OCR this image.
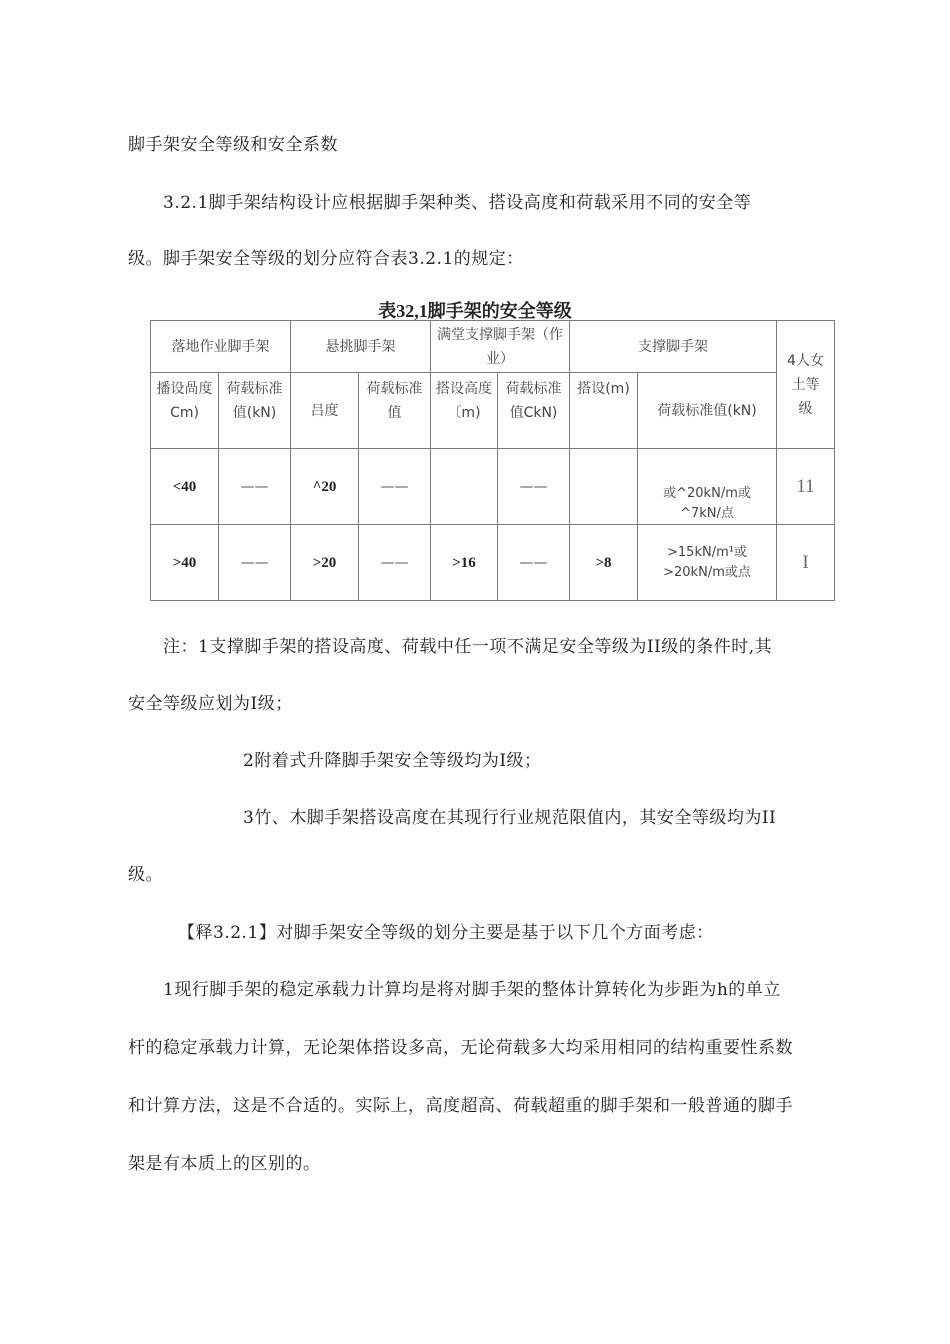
脚手架安全等级和安全系数
3.2.1脚手架结构设计应根据脚手架种类、搭设高度和荷载采用不同的安全等
级。脚手架安全等级的划分应符合表3.2.1的规定：
表32,1脚手架的安全等级
落地作业脚手架		悬挑脚手架		满堂支撑脚手架（作业）		支撑脚手架		4人女土等级
播设咼度Cm)	荷载标准值(kN)	吕度	荷载标准值	搭设高度〔m)	荷载标准值CkN)	搭设(m)	荷载标准值(kN)	
<40	——	^20	——		——		或^20kN/m或^7kN/点	11
>40	——	>20	——	>16	——	>8	>15kN/m¹或>20kN/m或点	I
注：1支撑脚手架的搭设高度、荷载中任一项不满足安全等级为II级的条件时,其
安全等级应划为I级；
2附着式升降脚手架安全等级均为I级；
3竹、木脚手架搭设高度在其现行行业规范限值内，其安全等级均为II
级。
【释3.2.1】对脚手架安全等级的划分主要是基于以下几个方面考虑：
1现行脚手架的稳定承载力计算均是将对脚手架的整体计算转化为步距为h的单立
杆的稳定承载力计算，无论架体搭设多高，无论荷载多大均采用相同的结构重要性系数
和计算方法，这是不合适的。实际上，高度超高、荷载超重的脚手架和一般普通的脚手
架是有本质上的区别的。
